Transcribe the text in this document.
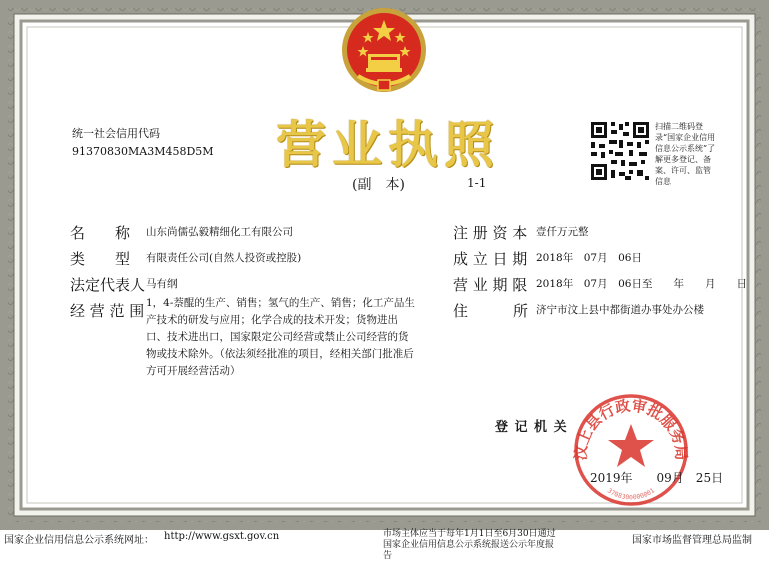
统一社会信用代码
91370830MA3M458D5M 营业执照
(副　本)	1-1
扫描二维码登录“国家企业信用信息公示系统”了解更多登记、备案、许可、监管信息
名　　称 山东尚儒弘毅精细化工有限公司
类　　型 有限责任公司(自然人投资或控股)
法定代表人 马有纲
经 营 范 围 1，4-萘醌的生产、销售；氢气的生产、销售；化工产品生产技术的研发与应用；化学合成的技术开发；货物进出口、技术进出口，国家限定公司经营或禁止公司经营的货物或技术除外。（依法须经批准的项目，经相关部门批准后方可开展经营活动）
注 册 资 本 壹仟万元整
成 立 日 期 2018年　07月　06日
营 业 期 限 2018年　07月　06日至　　年　　月　　日
住　　　所 济宁市汶上县中都街道办事处办公楼
登 记 机 关
汶上县行政审批服务局
3708300000001
2019年　　09月　25日
国家企业信用信息公示系统网址： http://www.gsxt.gov.cn	市场主体应当于每年1月1日至6月30日通过国家企业信用信息公示系统报送公示年度报告
国家市场监督管理总局监制
